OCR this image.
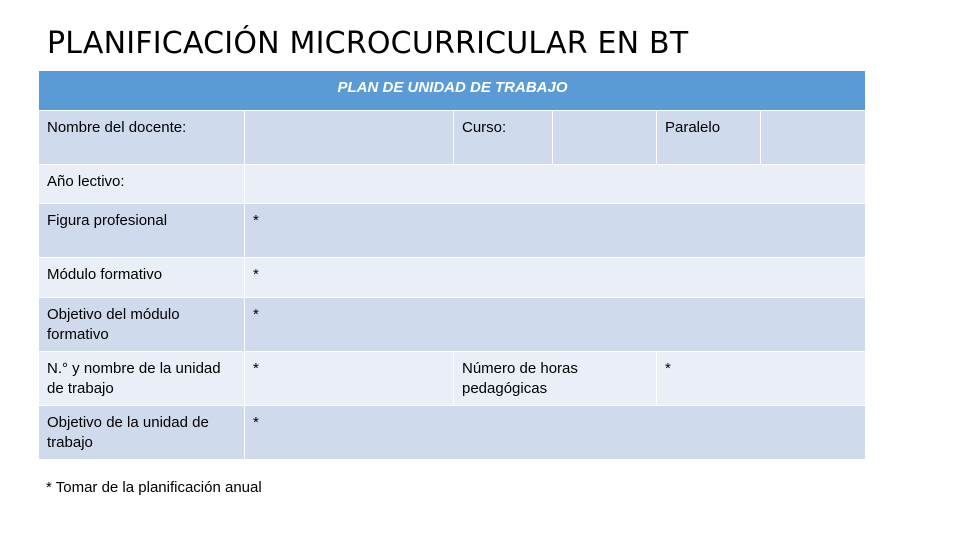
PLANIFICACIÓN MICROCURRICULAR EN BT
PLAN DE UNIDAD DE TRABAJO					
Nombre del docente:		Curso:		Paralelo	
Año lectivo:					
Figura profesional	*				
Módulo formativo	*				
Objetivo del módulo formativo	*				
N.° y nombre de la unidad de trabajo	*	Número de horas pedagógicas		*	
Objetivo de la unidad de trabajo	*				
* Tomar de la planificación anual
